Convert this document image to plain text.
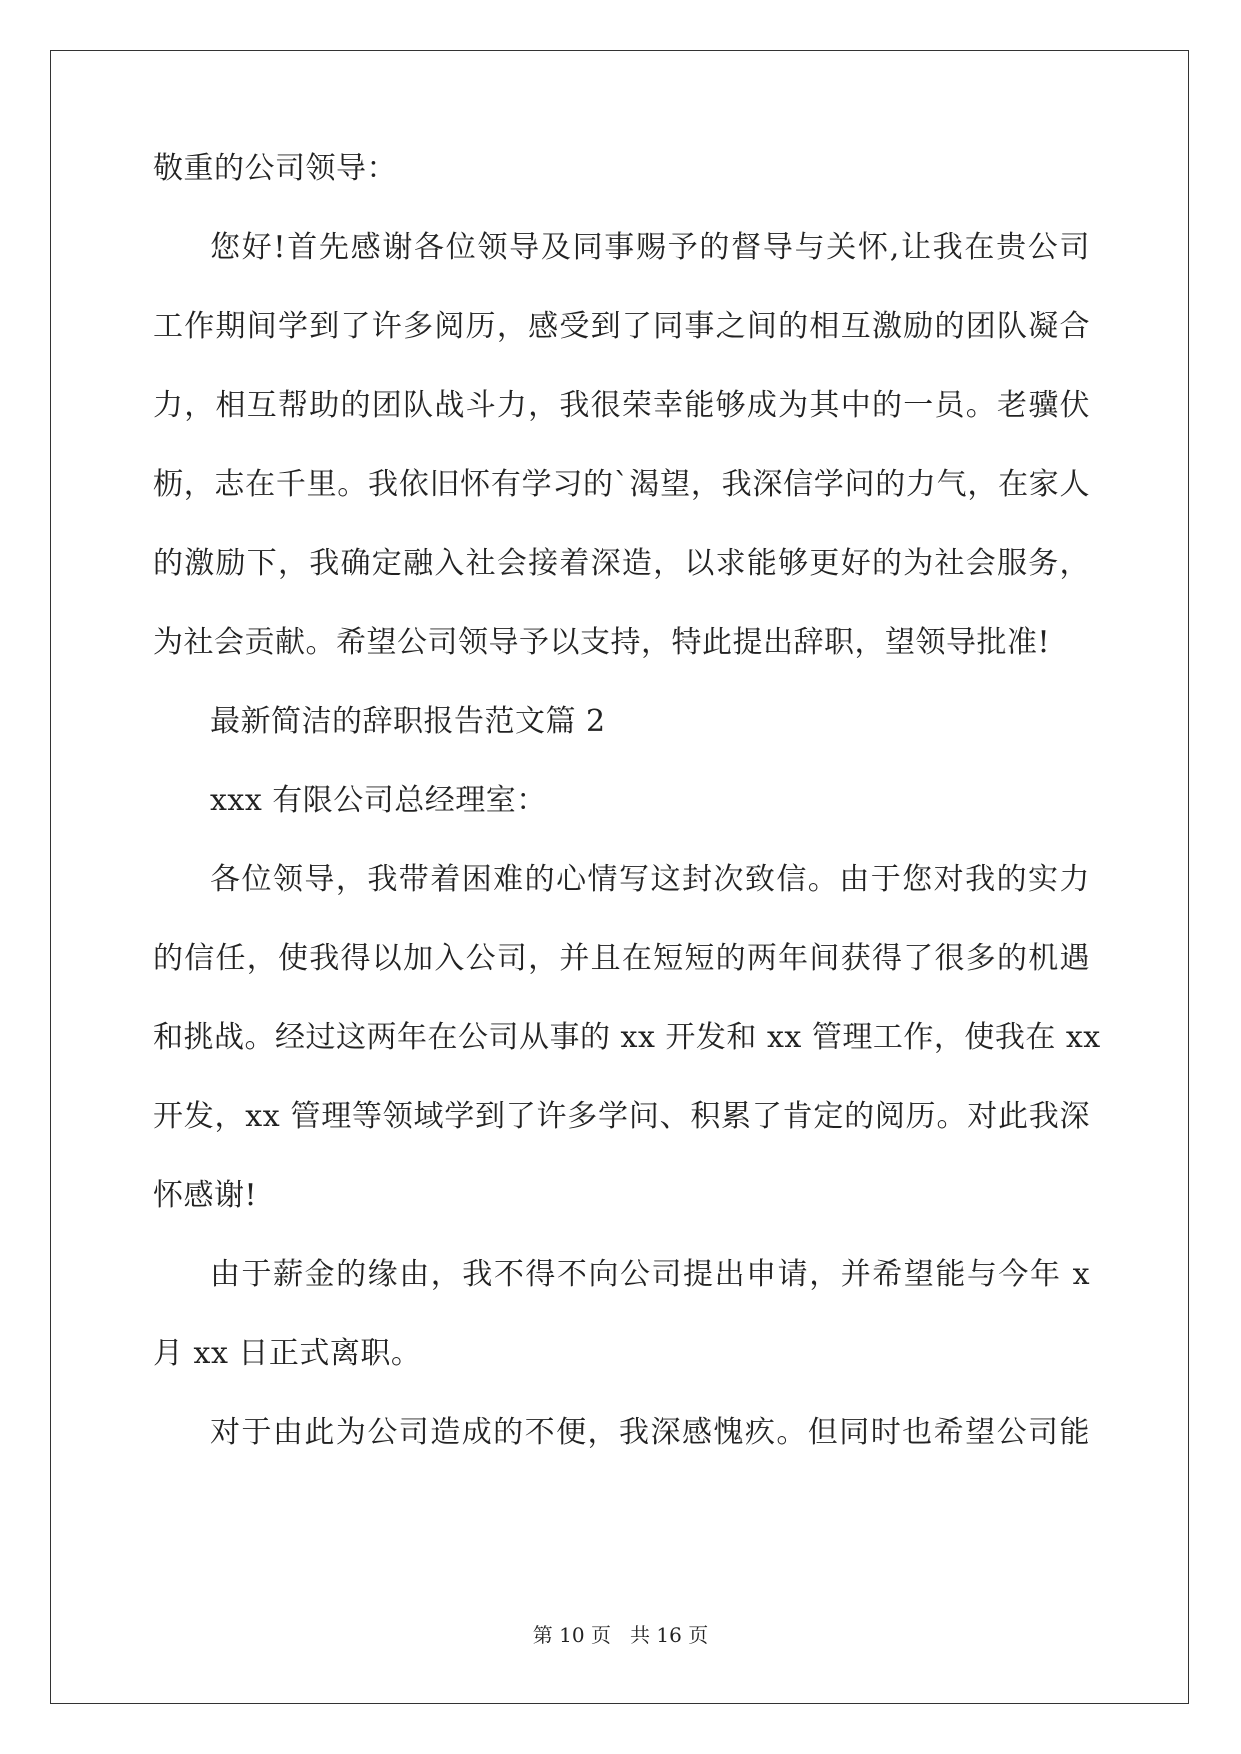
敬重的公司领导：
您好!首先感谢各位领导及同事赐予的督导与关怀,让我在贵公司
工作期间学到了许多阅历，感受到了同事之间的相互激励的团队凝合
力，相互帮助的团队战斗力，我很荣幸能够成为其中的一员。老骥伏
枥，志在千里。我依旧怀有学习的`渴望，我深信学问的力气，在家人
的激励下，我确定融入社会接着深造，以求能够更好的为社会服务，
为社会贡献。希望公司领导予以支持，特此提出辞职，望领导批准!
最新简洁的辞职报告范文篇 2
xxx 有限公司总经理室：
各位领导，我带着困难的心情写这封次致信。由于您对我的实力
的信任，使我得以加入公司，并且在短短的两年间获得了很多的机遇
和挑战。经过这两年在公司从事的 xx 开发和 xx 管理工作，使我在 xx
开发，xx 管理等领域学到了许多学问、积累了肯定的阅历。对此我深
怀感谢!
由于薪金的缘由，我不得不向公司提出申请，并希望能与今年 x
月 xx 日正式离职。
对于由此为公司造成的不便，我深感愧疚。但同时也希望公司能
第 10 页 共 16 页
